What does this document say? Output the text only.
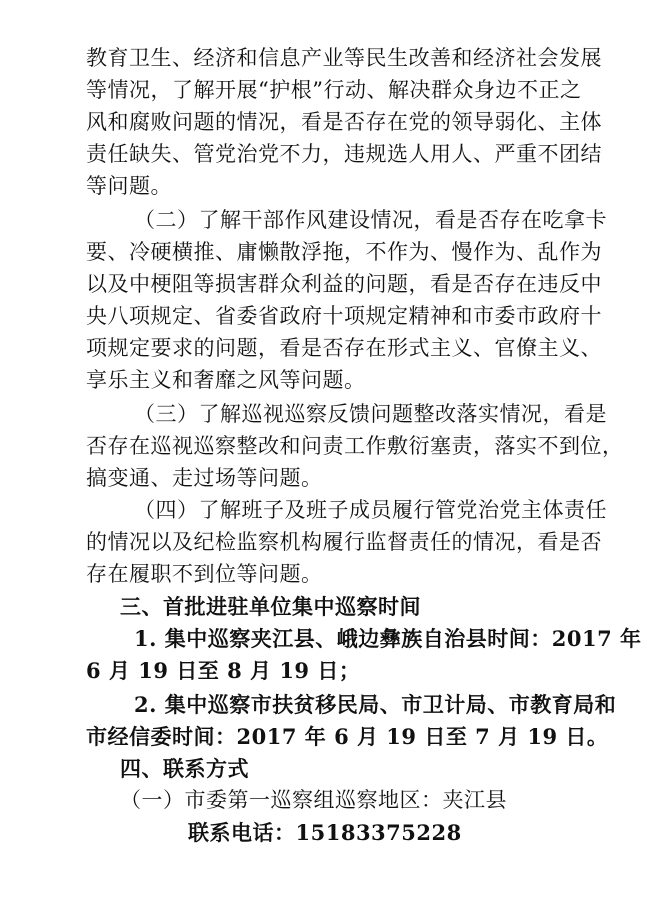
教育卫生、经济和信息产业等民生改善和经济社会发展
等情况，了解开展“护根”行动、解决群众身边不正之
风和腐败问题的情况，看是否存在党的领导弱化、主体
责任缺失、管党治党不力，违规选人用人、严重不团结
等问题。
（二）了解干部作风建设情况，看是否存在吃拿卡
要、冷硬横推、庸懒散浮拖，不作为、慢作为、乱作为
以及中梗阻等损害群众利益的问题，看是否存在违反中
央八项规定、省委省政府十项规定精神和市委市政府十
项规定要求的问题，看是否存在形式主义、官僚主义、
享乐主义和奢靡之风等问题。
（三）了解巡视巡察反馈问题整改落实情况，看是
否存在巡视巡察整改和问责工作敷衍塞责，落实不到位，
搞变通、走过场等问题。
（四）了解班子及班子成员履行管党治党主体责任
的情况以及纪检监察机构履行监督责任的情况，看是否
存在履职不到位等问题。
三、首批进驻单位集中巡察时间
1. 集中巡察夹江县、峨边彝族自治县时间：2017 年
6 月 19 日至 8 月 19 日；
2. 集中巡察市扶贫移民局、市卫计局、市教育局和
市经信委时间：2017 年 6 月 19 日至 7 月 19 日。
四、联系方式
（一）市委第一巡察组巡察地区：夹江县
联系电话：15183375228
